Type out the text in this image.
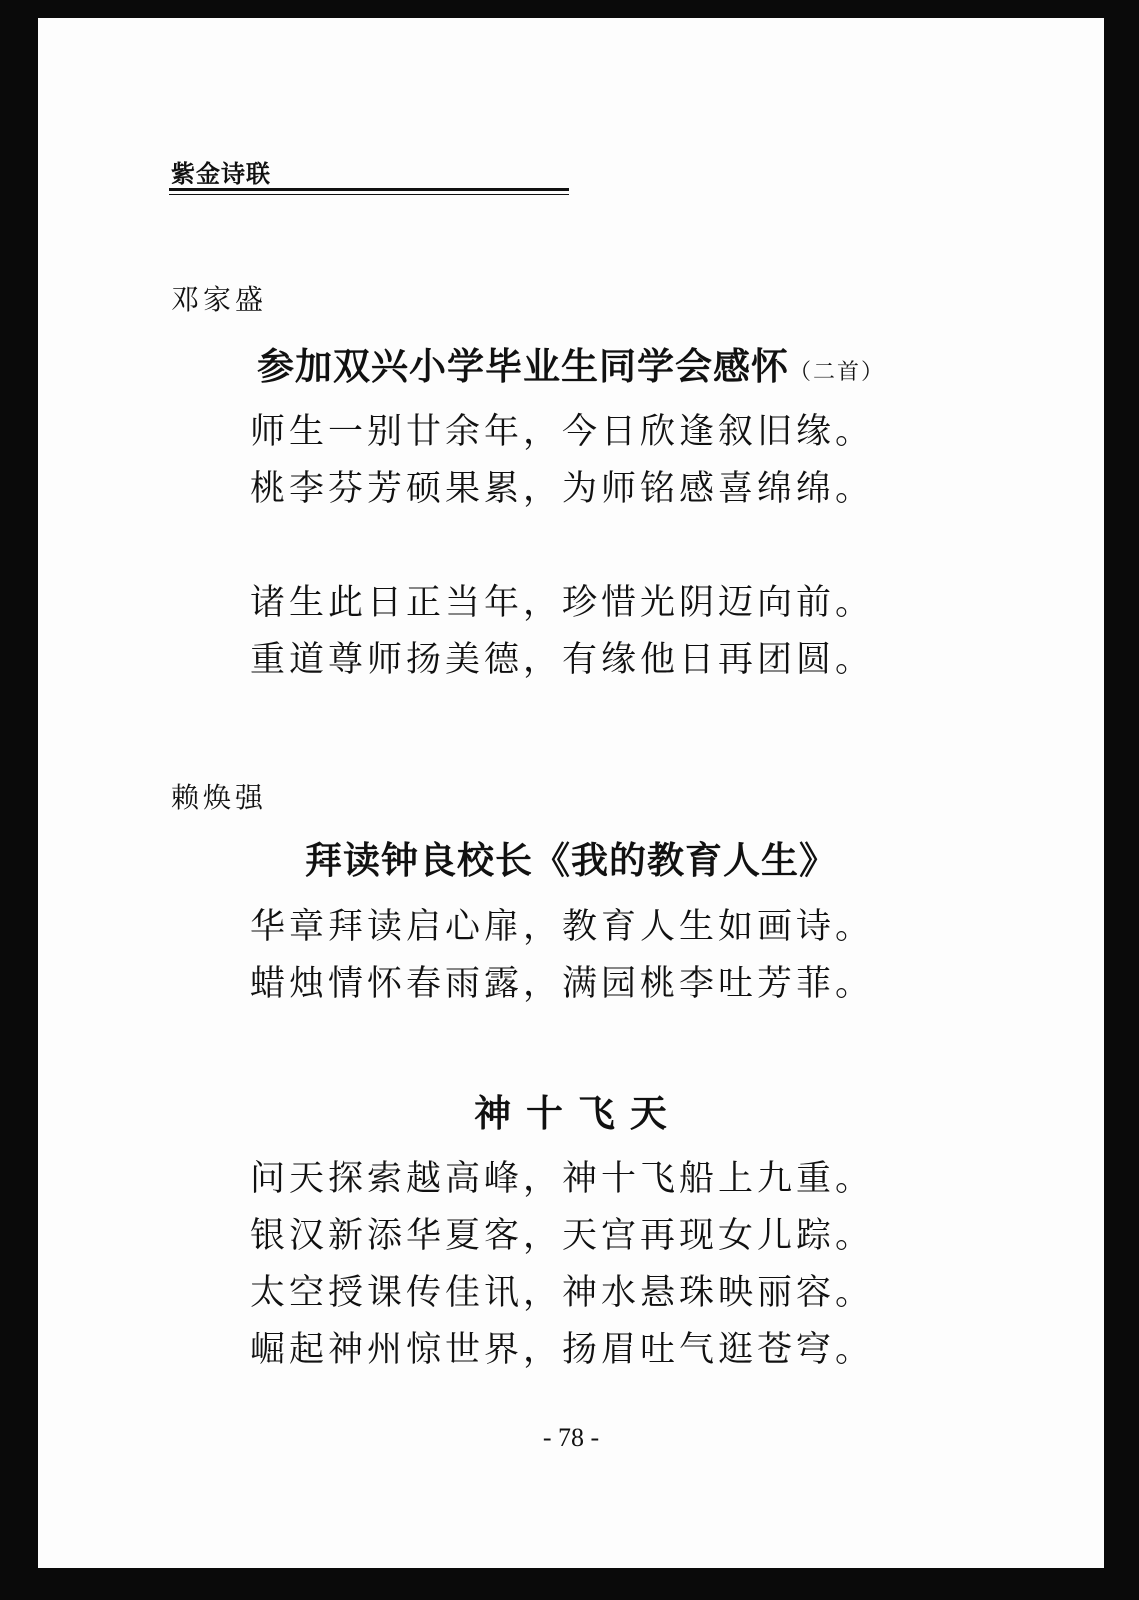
紫金诗联
邓家盛
参加双兴小学毕业生同学会感怀（二首）
师生一别廿余年，今日欣逢叙旧缘。
桃李芬芳硕果累，为师铭感喜绵绵。
诸生此日正当年，珍惜光阴迈向前。
重道尊师扬美德，有缘他日再团圆。
赖焕强
拜读钟良校长《我的教育人生》
华章拜读启心扉，教育人生如画诗。
蜡烛情怀春雨露，满园桃李吐芳菲。
神 十 飞 天
问天探索越高峰，神十飞船上九重。
银汉新添华夏客，天宫再现女儿踪。
太空授课传佳讯，神水悬珠映丽容。
崛起神州惊世界，扬眉吐气逛苍穹。
- 78 -
